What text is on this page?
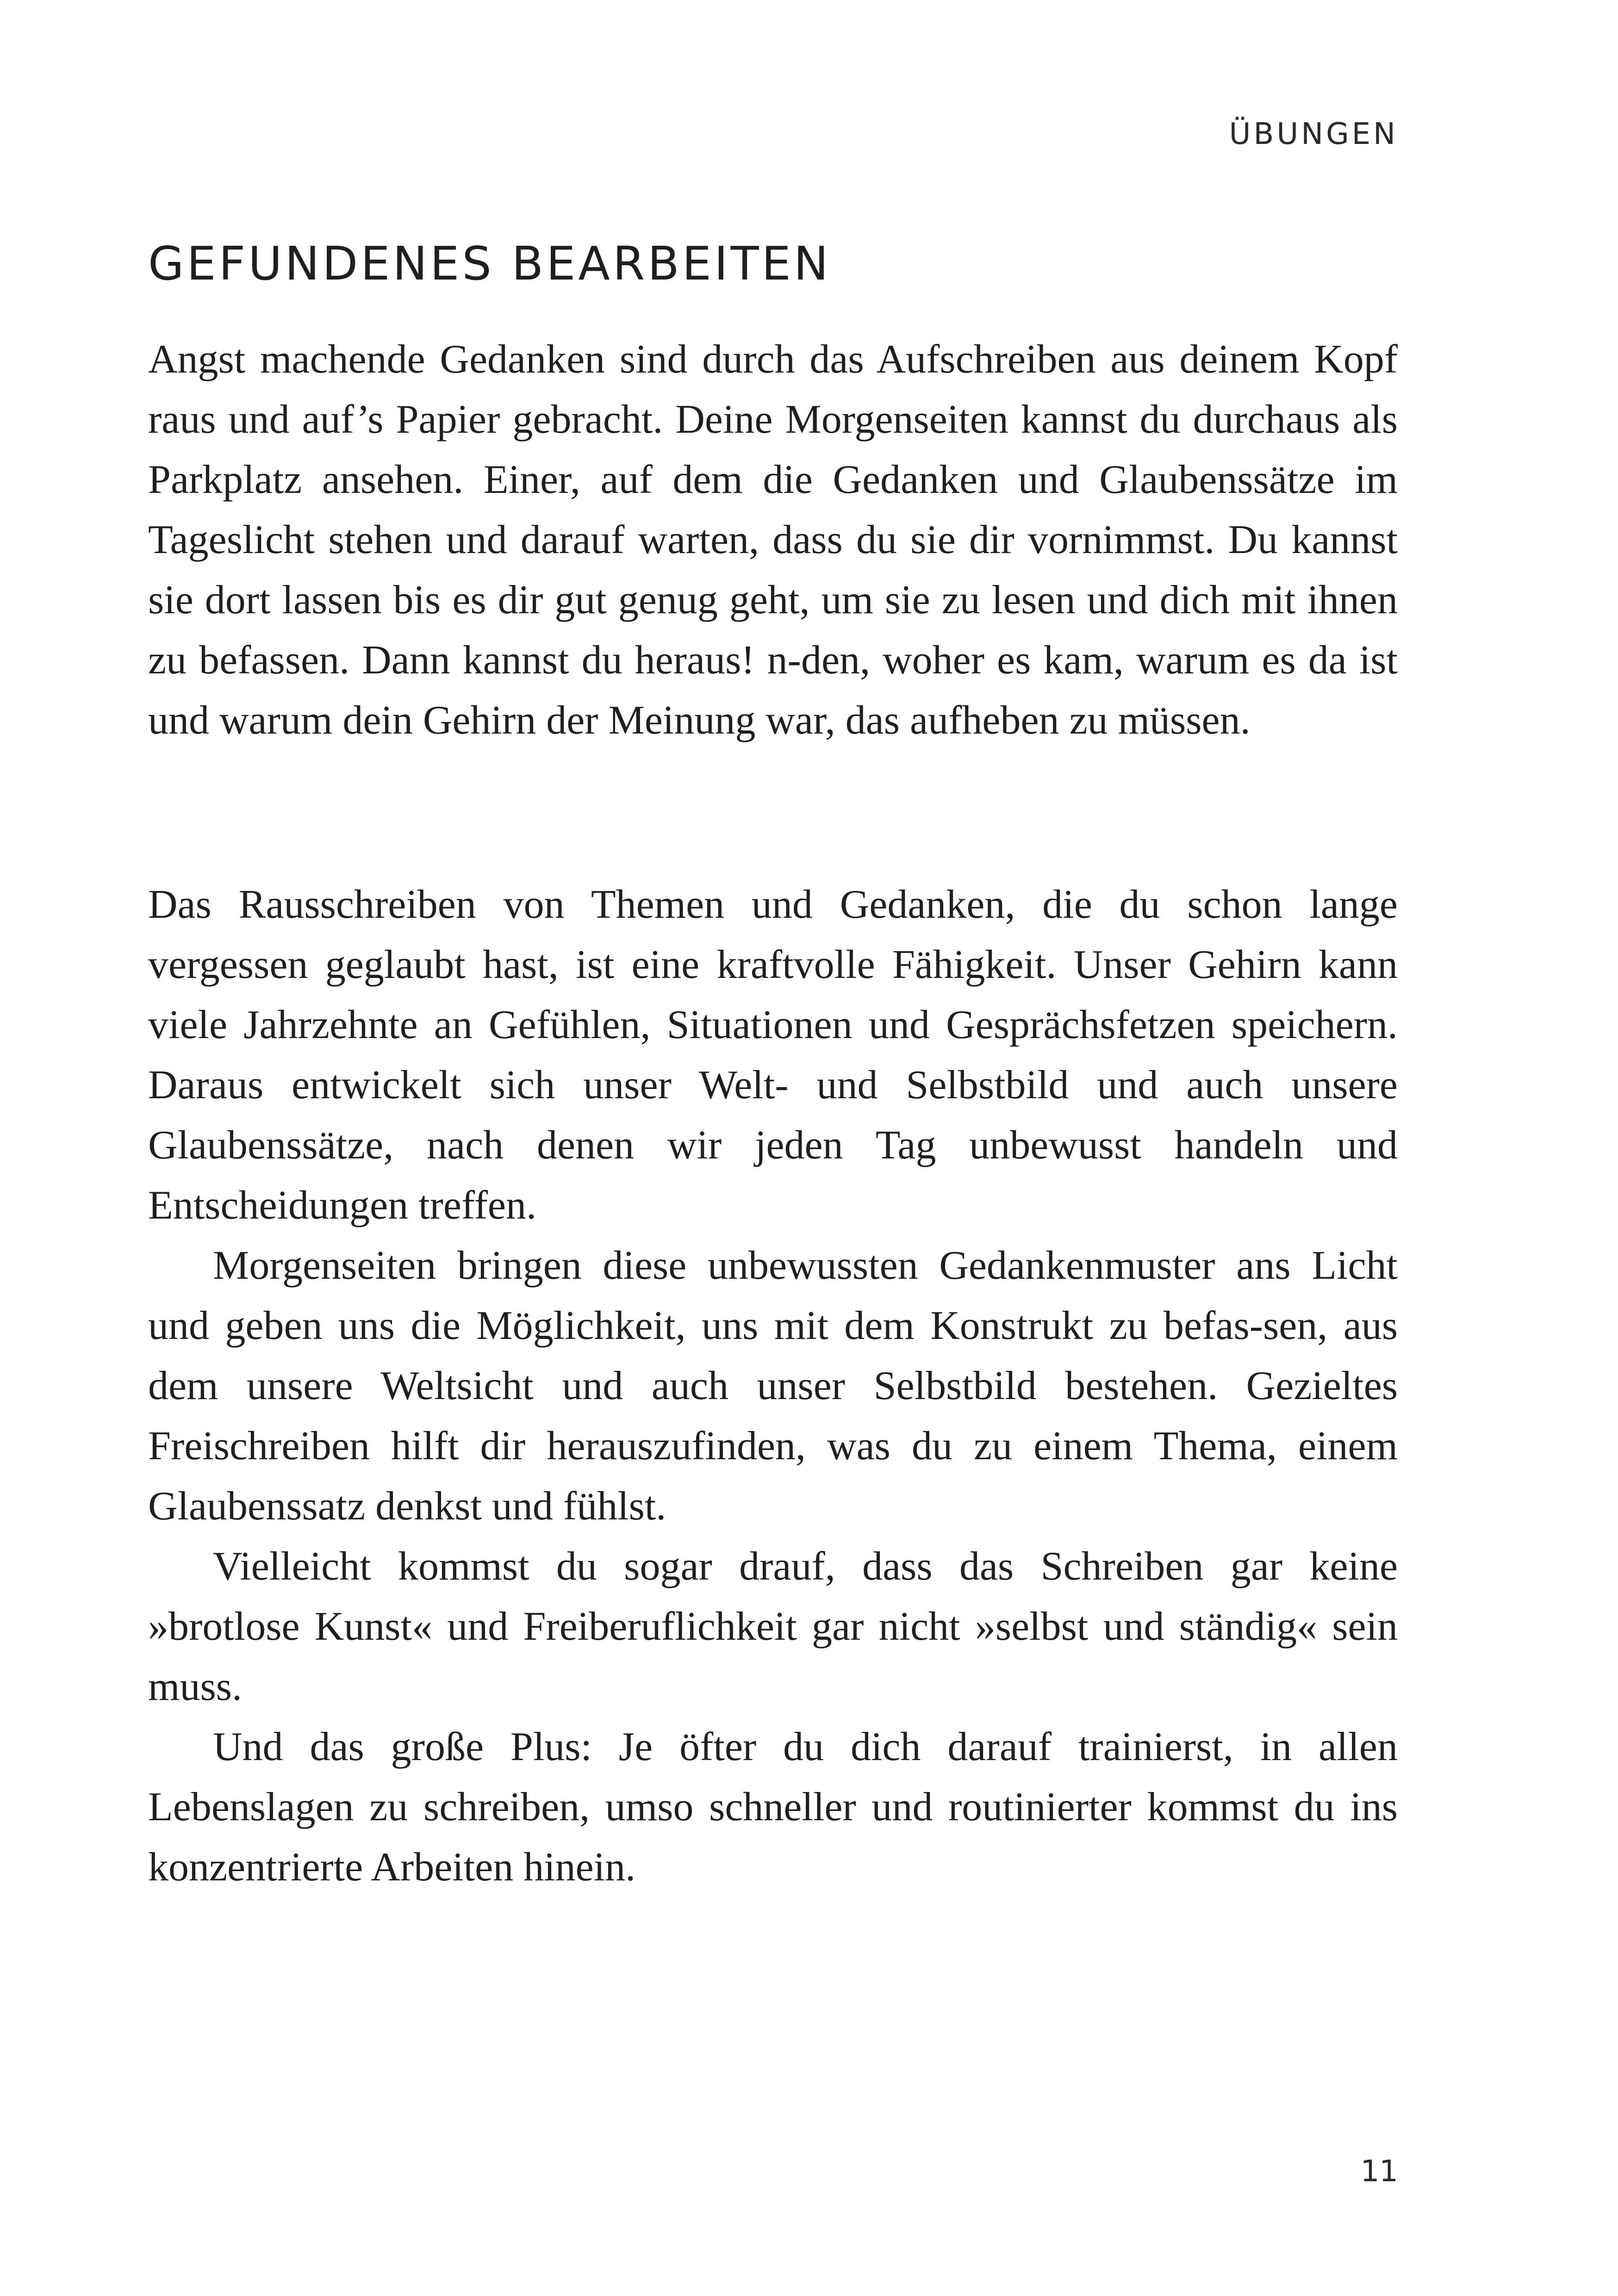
ÜBUNGEN
GEFUNDENES BEARBEITEN

Angst machende Gedanken sind durch das Aufschreiben aus deinem Kopf raus und auf’s Papier gebracht. Deine Morgenseiten kannst du durchaus als Parkplatz ansehen. Einer, auf dem die Gedanken und Glaubenssätze im Tageslicht stehen und darauf warten, dass du sie dir vornimmst. Du kannst sie dort lassen bis es dir gut genug geht, um sie zu lesen und dich mit ihnen zu befassen. Dann kannst du heraus! n-den, woher es kam, warum es da ist und warum dein Gehirn der Meinung war, das aufheben zu müssen.

Das Rausschreiben von Themen und Gedanken, die du schon lange vergessen geglaubt hast, ist eine kraftvolle Fähigkeit. Unser Gehirn kann viele Jahrzehnte an Gefühlen, Situationen und Gesprächsfetzen speichern. Daraus entwickelt sich unser Welt- und Selbstbild und auch unsere Glaubenssätze, nach denen wir jeden Tag unbewusst handeln und Entscheidungen treffen.

Morgenseiten bringen diese unbewussten Gedankenmuster ans Licht und geben uns die Möglichkeit, uns mit dem Konstrukt zu befas-sen, aus dem unsere Weltsicht und auch unser Selbstbild bestehen. Gezieltes Freischreiben hilft dir herauszufinden, was du zu einem Thema, einem Glaubenssatz denkst und fühlst.

Vielleicht kommst du sogar drauf, dass das Schreiben gar keine »brotlose Kunst« und Freiberuflichkeit gar nicht »selbst und ständig« sein muss.

Und das große Plus: Je öfter du dich darauf trainierst, in allen Lebenslagen zu schreiben, umso schneller und routinierter kommst du ins konzentrierte Arbeiten hinein.

11
